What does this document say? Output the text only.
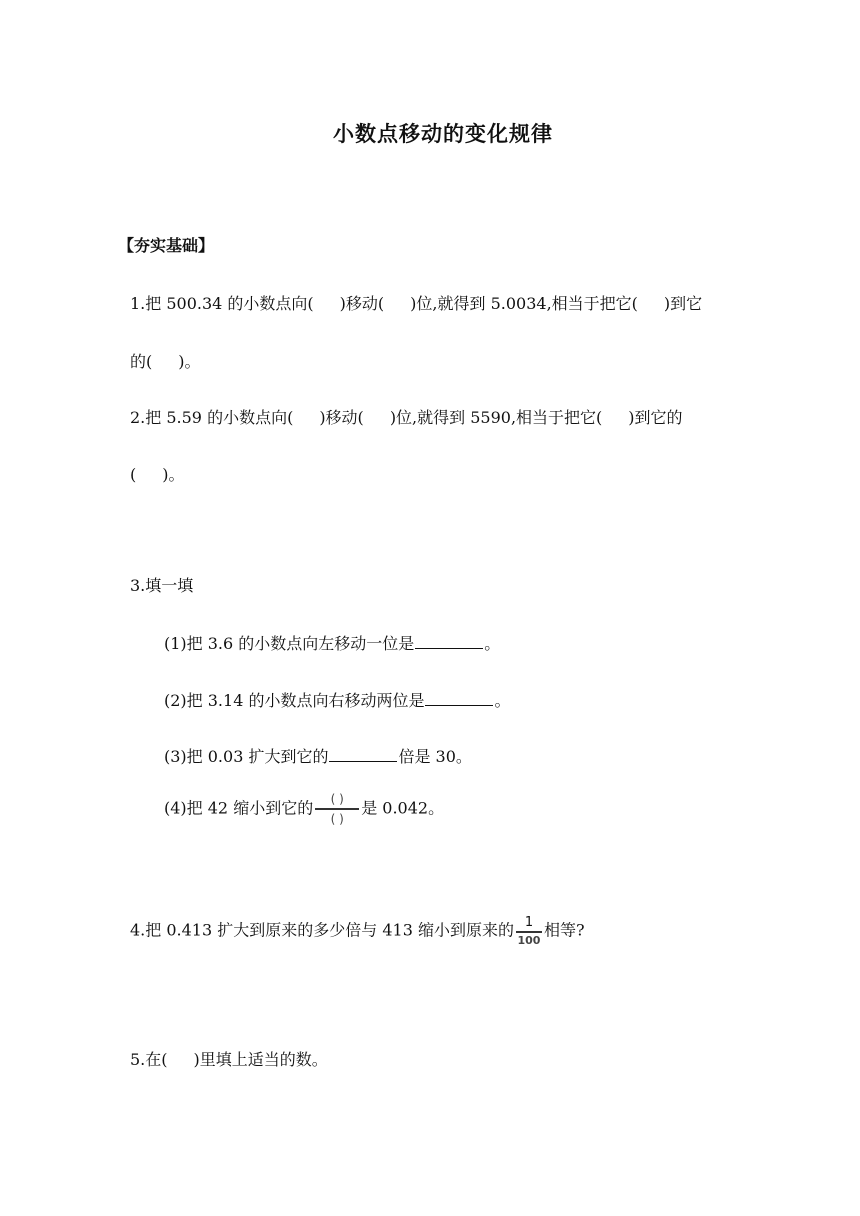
小数点移动的变化规律
【夯实基础】
1.把 500.34 的小数点向( )移动( )位,就得到 5.0034,相当于把它( )到它
的( )。
2.把 5.59 的小数点向( )移动( )位,就得到 5590,相当于把它( )到它的
( )。
3.填一填
(1)把 3.6 的小数点向左移动一位是	。
(2)把 3.14 的小数点向右移动两位是	。
(3)把 0.03 扩大到它的	倍是 30。
(4)把 42 缩小到它的 $\frac{( )}{( )}$ 是 0.042。
4.把 0.413 扩大到原来的多少倍与 413 缩小到原来的 $\frac{1}{100}$ 相等?
5.在( )里填上适当的数。
